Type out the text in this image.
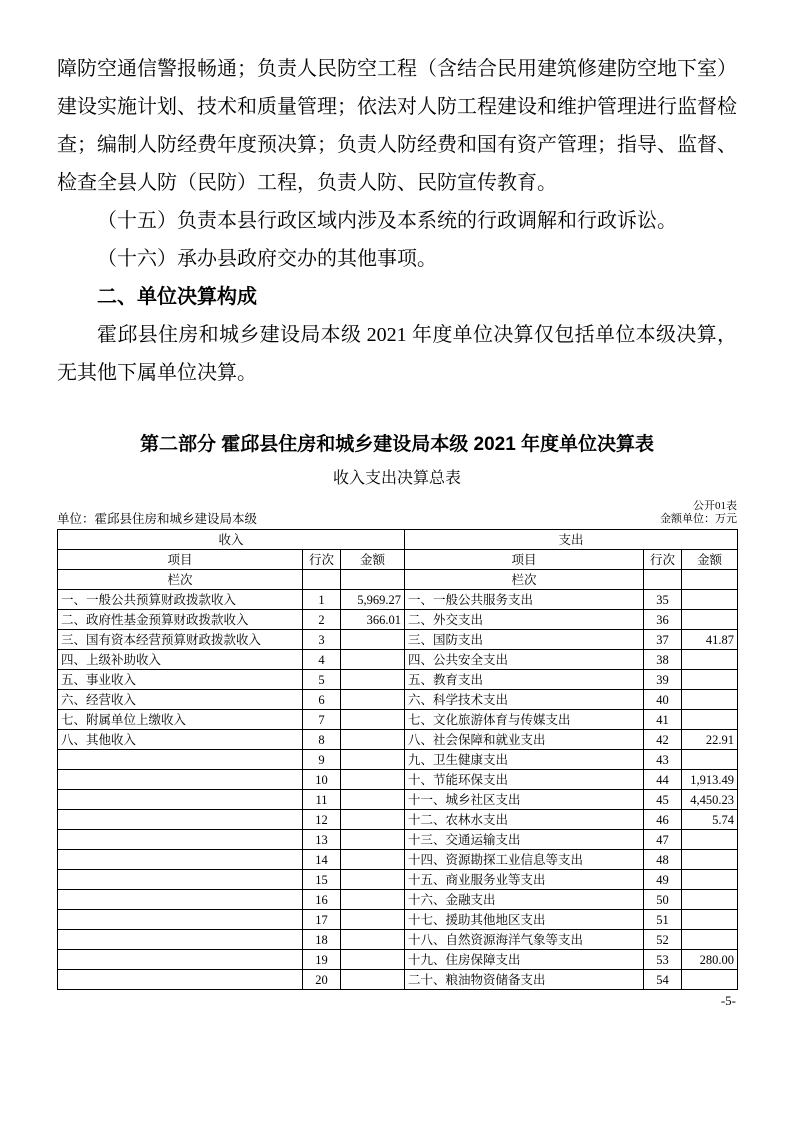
障防空通信警报畅通；负责人民防空工程（含结合民用建筑修建防空地下室）建设实施计划、技术和质量管理；依法对人防工程建设和维护管理进行监督检查；编制人防经费年度预决算；负责人防经费和国有资产管理；指导、监督、检查全县人防（民防）工程，负责人防、民防宣传教育。

（十五）负责本县行政区域内涉及本系统的行政调解和行政诉讼。

（十六）承办县政府交办的其他事项。

二、单位决算构成

霍邱县住房和城乡建设局本级 2021 年度单位决算仅包括单位本级决算，无其他下属单位决算。

第二部分 霍邱县住房和城乡建设局本级 2021 年度单位决算表
收入支出决算总表
单位：霍邱县住房和城乡建设局本级
公开01表
金额单位：万元
收入			支出		
项目	行次	金额	项目	行次	金额
栏次			栏次		
一、一般公共预算财政拨款收入	1	5,969.27	一、一般公共服务支出	35	
二、政府性基金预算财政拨款收入	2	366.01	二、外交支出	36	
三、国有资本经营预算财政拨款收入	3		三、国防支出	37	41.87
四、上级补助收入	4		四、公共安全支出	38	
五、事业收入	5		五、教育支出	39	
六、经营收入	6		六、科学技术支出	40	
七、附属单位上缴收入	7		七、文化旅游体育与传媒支出	41	
八、其他收入	8		八、社会保障和就业支出	42	22.91
	9		九、卫生健康支出	43	
	10		十、节能环保支出	44	1,913.49
	11		十一、城乡社区支出	45	4,450.23
	12		十二、农林水支出	46	5.74
	13		十三、交通运输支出	47	
	14		十四、资源勘探工业信息等支出	48	
	15		十五、商业服务业等支出	49	
	16		十六、金融支出	50	
	17		十七、援助其他地区支出	51	
	18		十八、自然资源海洋气象等支出	52	
	19		十九、住房保障支出	53	280.00
	20		二十、粮油物资储备支出	54	
-5-
